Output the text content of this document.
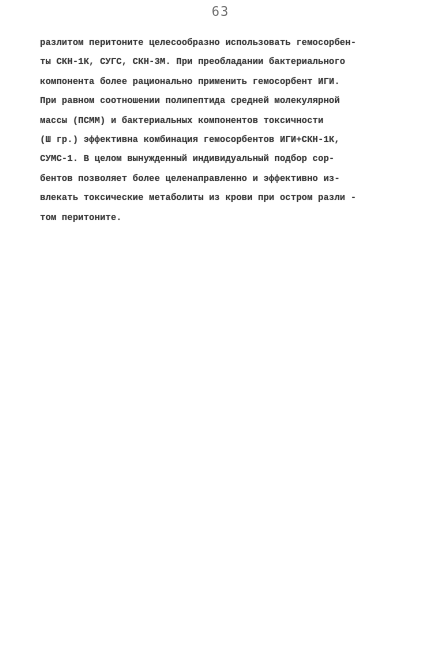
63
разлитом перитоните целесообразно использовать гемосорбен-
ты СКН-1К, СУГС, СКН-3М. При преобладании бактериального
компонента более рационально применить гемосорбент ИГИ.
При равном соотношении полипептида средней молекулярной
массы (ПСММ) и бактериальных компонентов токсичности
(Ш гр.) эффективна комбинация гемосорбентов ИГИ+СКН-1К,
СУМС-1. В целом вынужденный индивидуальный подбор сор-
бентов позволяет более целенаправленно и эффективно из-
влекать токсические метаболиты из крови при остром разли -
том перитоните.
